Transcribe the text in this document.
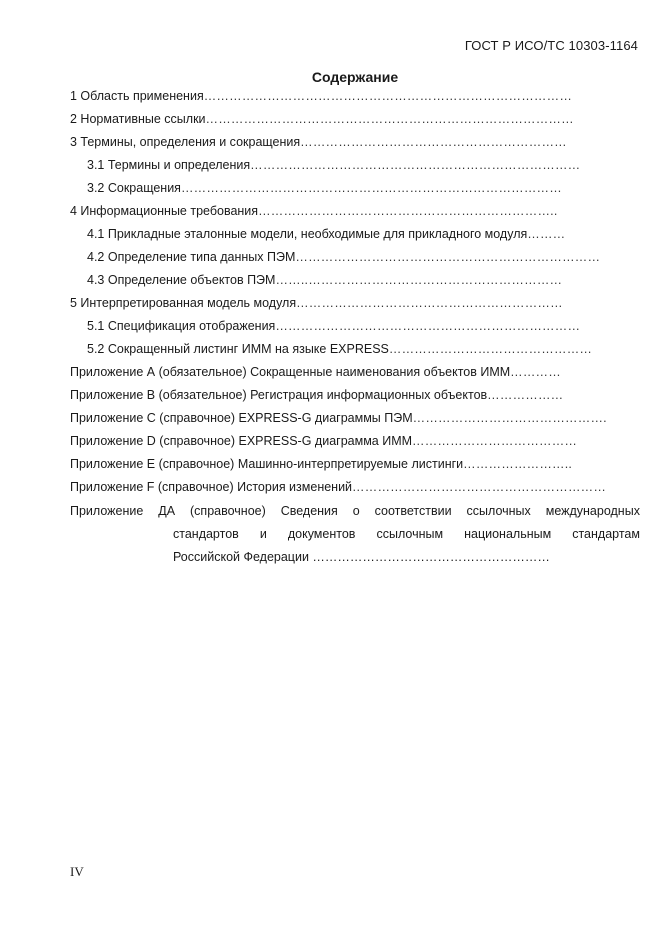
ГОСТ Р ИСО/ТС 10303-1164
Содержание
1 Область применения ……………………………………………………………………………
2 Нормативные ссылки ……………………………………………………………………………
3 Термины, определения и сокращения ………………………………………………………
3.1 Термины и определения ……………………………………………………………………
3.2 Сокращения ………………………………………………………………………………
4 Информационные требования ……………………………………………………………..
4.1 Прикладные эталонные модели, необходимые для прикладного модуля ………
4.2 Определение типа данных ПЭМ ………………………………………………………………
4.3 Определение объектов ПЭМ ……..……………………………………………………
5 Интерпретированная модель модуля ………………………………………………………
5.1 Спецификация отображения ………………………………………………………………
5.2 Сокращенный листинг ИММ на языке EXPRESS …………………………………………
Приложение А (обязательное) Сокращенные наименования объектов ИММ …………
Приложение В (обязательное) Регистрация информационных объектов ………………
Приложение С (справочное) EXPRESS-G диаграммы ПЭМ ……………………………………….
Приложение D (справочное) EXPRESS-G диаграмма ИММ …………………………………
Приложение Е (справочное) Машинно-интерпретируемые листинги ……………………..
Приложение F (справочное) История изменений ……………………………………………………
Приложение ДА (справочное) Сведения о соответствии ссылочных международных
стандартов и документов ссылочным национальным стандартам
Российской Федерации …………………………………………………
IV
